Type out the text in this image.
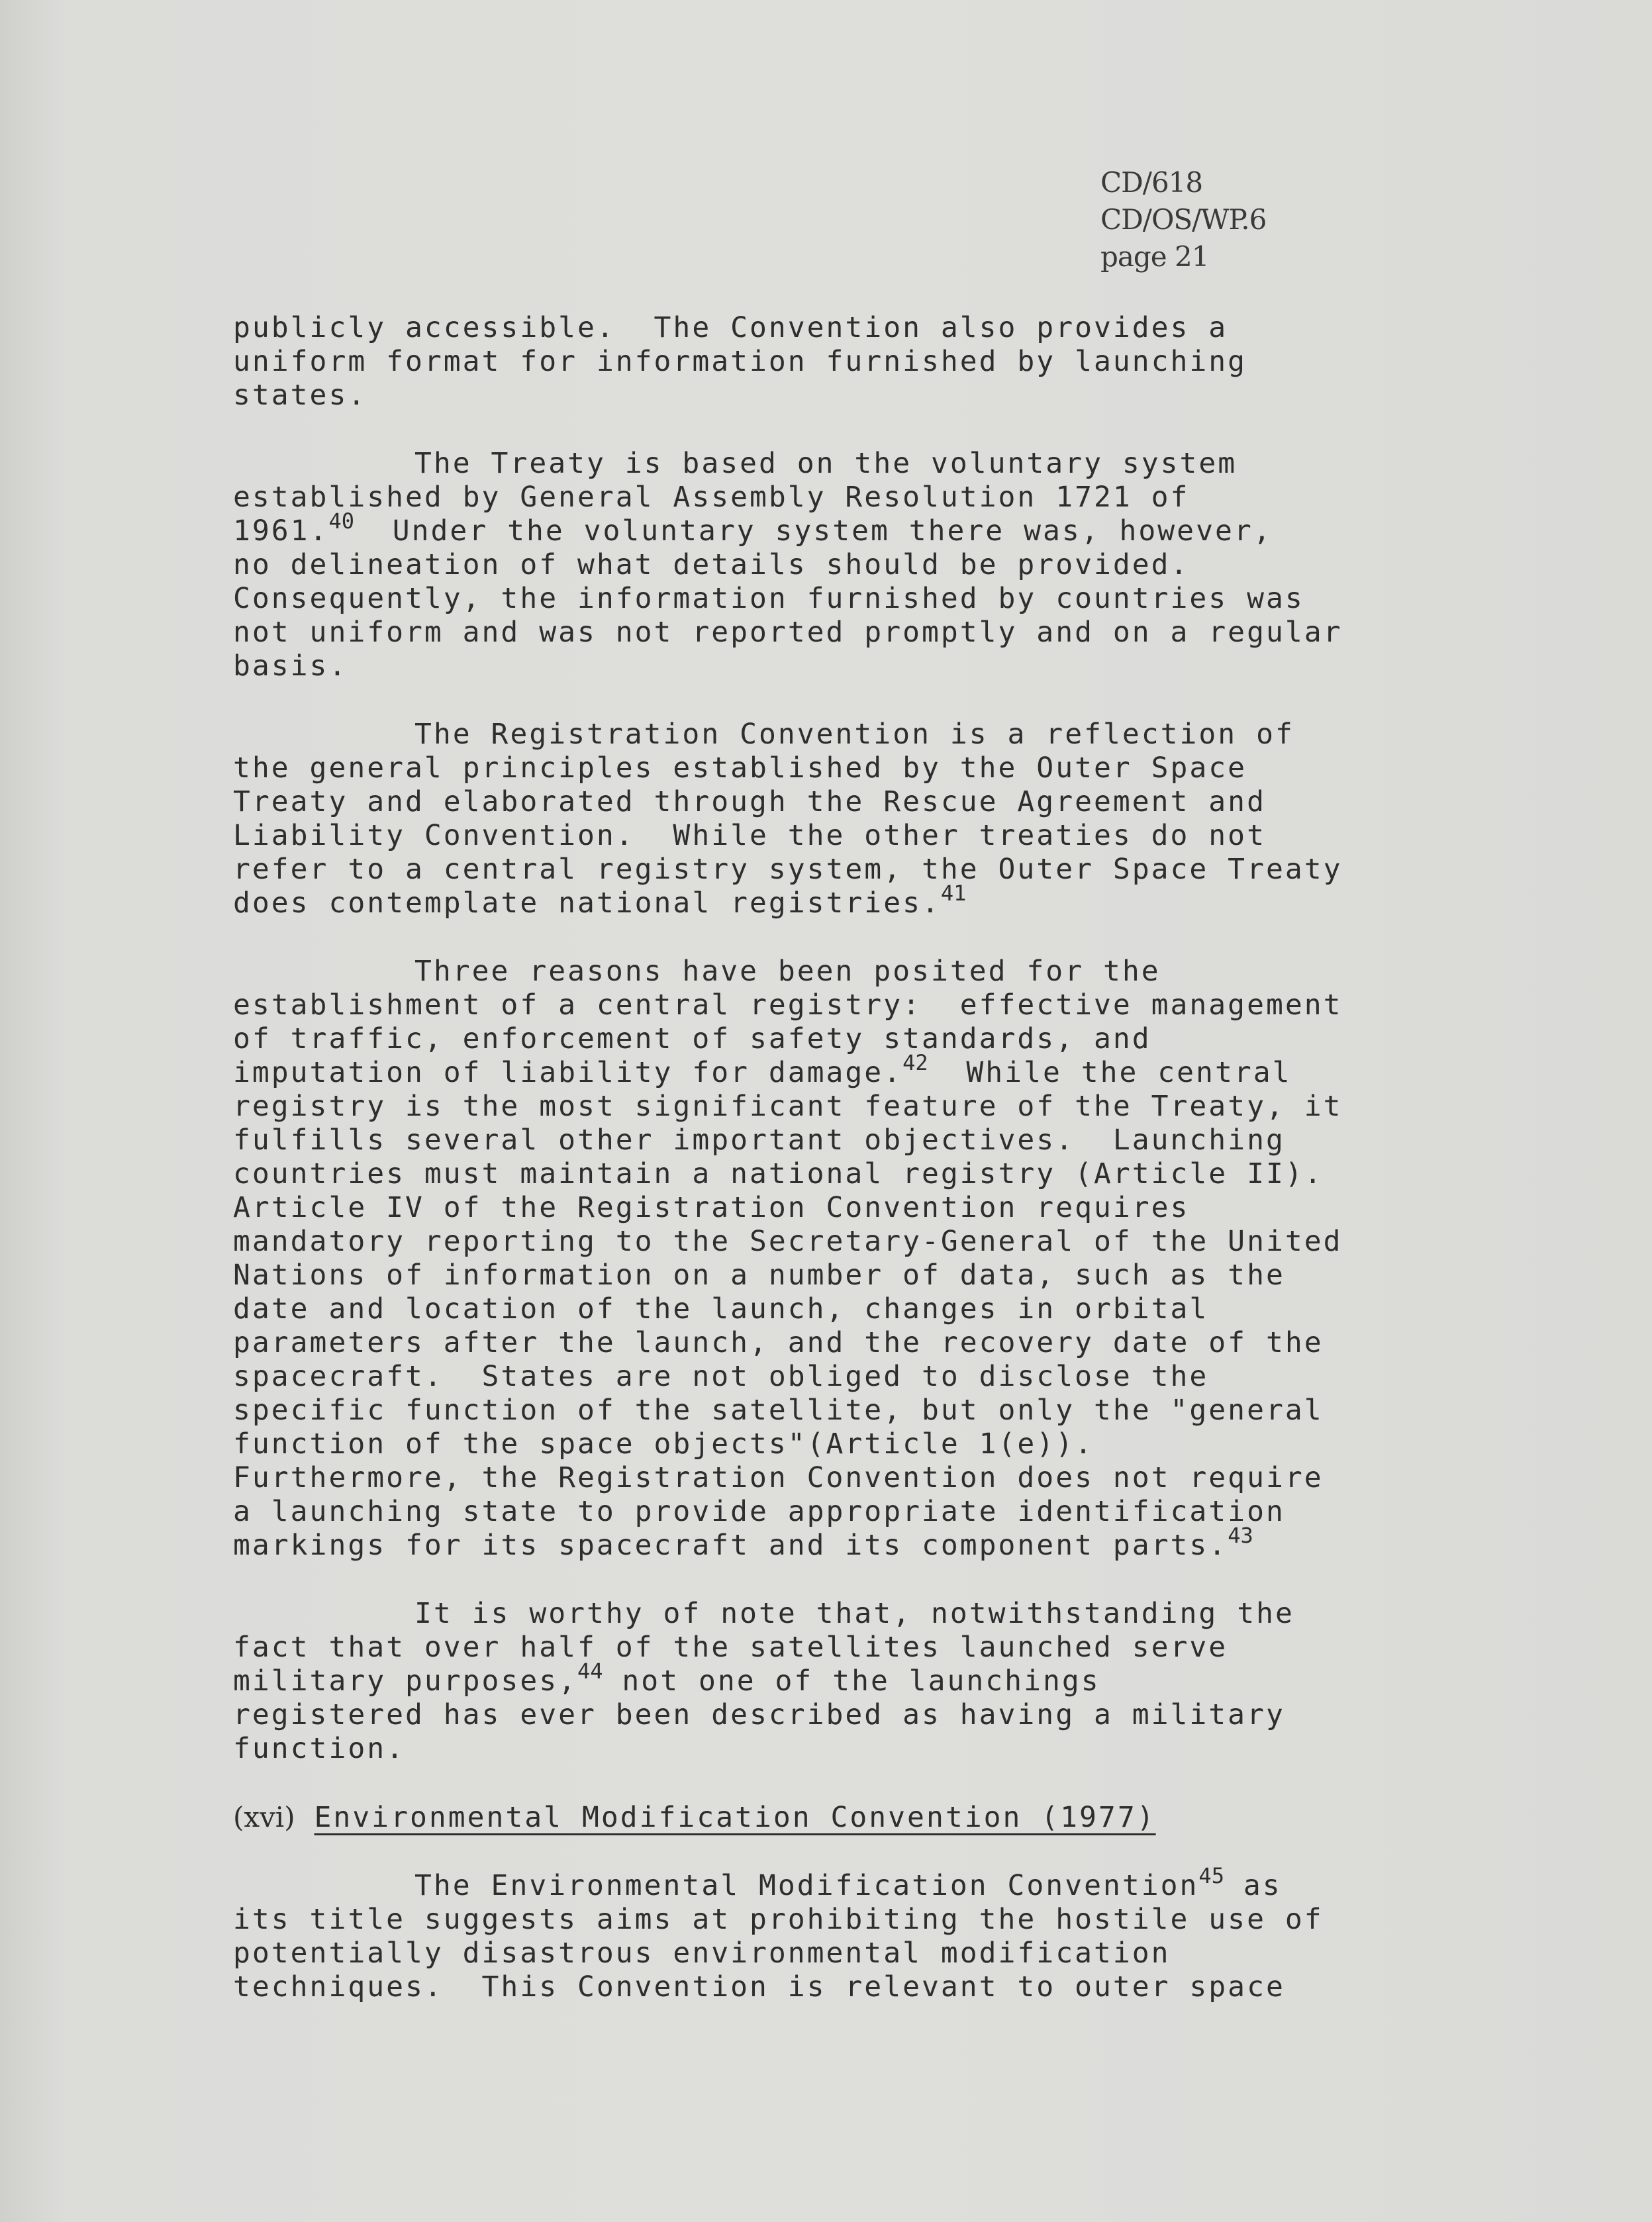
CD/618
CD/OS/WP.6
page 21
publicly accessible.  The Convention also provides a
uniform format for information furnished by launching
states.
The Treaty is based on the voluntary system
established by General Assembly Resolution 1721 of
1961.40  Under the voluntary system there was, however,
no delineation of what details should be provided.
Consequently, the information furnished by countries was
not uniform and was not reported promptly and on a regular
basis.
The Registration Convention is a reflection of
the general principles established by the Outer Space
Treaty and elaborated through the Rescue Agreement and
Liability Convention.  While the other treaties do not
refer to a central registry system, the Outer Space Treaty
does contemplate national registries.$^{41}$
Three reasons have been posited for the
establishment of a central registry:  effective management
of traffic, enforcement of safety standards, and
imputation of liability for damage.$^{42}$  While the central
registry is the most significant feature of the Treaty, it
fulfills several other important objectives.  Launching
countries must maintain a national registry (Article II).
Article IV of the Registration Convention requires
mandatory reporting to the Secretary-General of the United
Nations of information on a number of data, such as the
date and location of the launch, changes in orbital
parameters after the launch, and the recovery date of the
spacecraft.  States are not obliged to disclose the
specific function of the satellite, but only the "general
function of the space objects"(Article 1(e)).
Furthermore, the Registration Convention does not require
a launching state to provide appropriate identification
markings for its spacecraft and its component parts.$^{43}$
It is worthy of note that, notwithstanding the
fact that over half of the satellites launched serve
military purposes,$^{44}$ not one of the launchings
registered has ever been described as having a military
function.
(xvi) Environmental Modification Convention (1977)
The Environmental Modification Convention$^{45}$ as
its title suggests aims at prohibiting the hostile use of
potentially disastrous environmental modification
techniques.  This Convention is relevant to outer space
